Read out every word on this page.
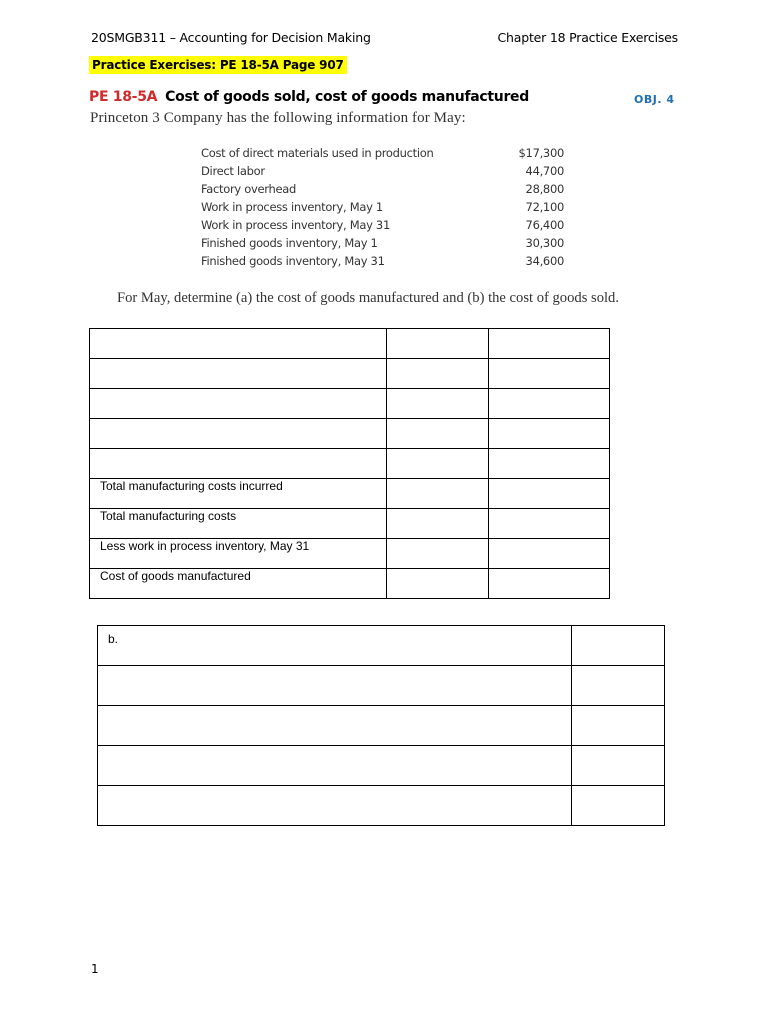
20SMGB311 – Accounting for Decision Making	Chapter 18 Practice Exercises
Practice Exercises: PE 18-5A Page 907
PE 18-5A Cost of goods sold, cost of goods manufactured	OBJ. 4
Princeton 3 Company has the following information for May:
Cost of direct materials used in production	$17,300
Direct labor	44,700
Factory overhead	28,800
Work in process inventory, May 1	72,100
Work in process inventory, May 31	76,400
Finished goods inventory, May 1	30,300
Finished goods inventory, May 31	34,600
For May, determine (a) the cost of goods manufactured and (b) the cost of goods sold.

Total manufacturing costs incurred		
Total manufacturing costs		
Less work in process inventory, May 31		
Cost of goods manufactured		
b.	

1
